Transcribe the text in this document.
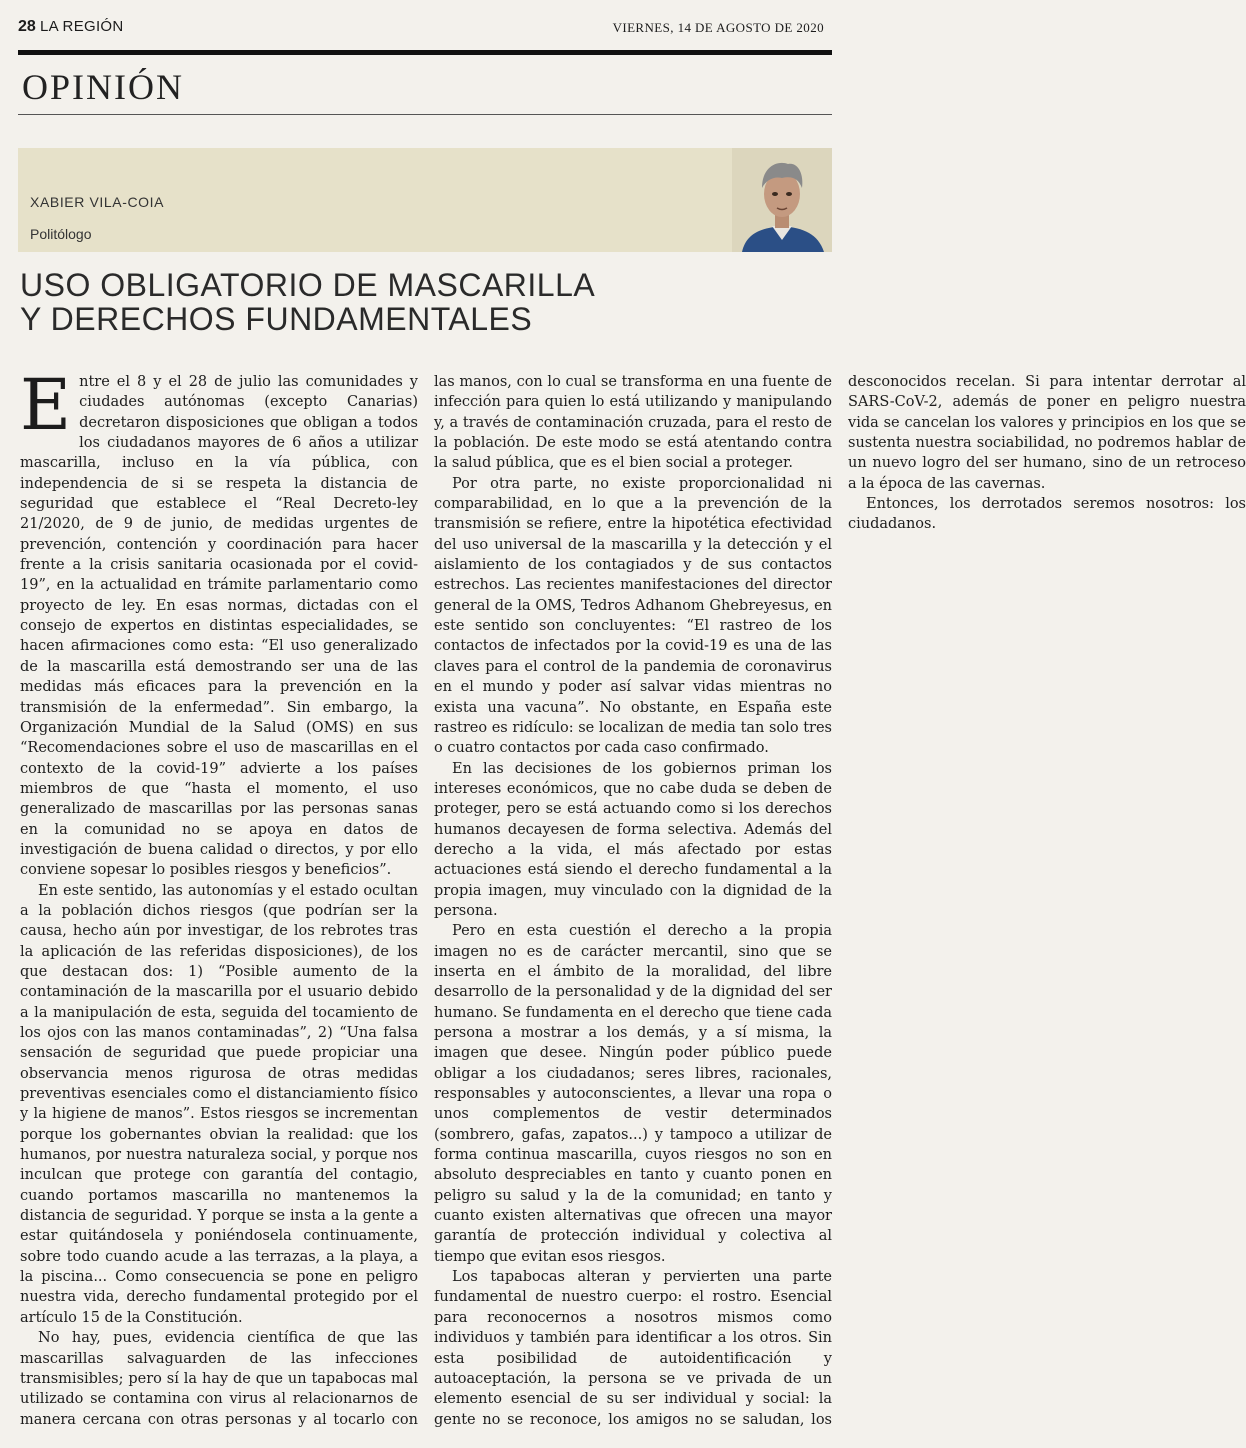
28 LA REGIÓN	VIERNES, 14 DE AGOSTO DE 2020
OPINIÓN
XABIER VILA-COIA
Politólogo
USO OBLIGATORIO DE MASCARILLA
Y DERECHOS FUNDAMENTALES

Entre el 8 y el 28 de julio las comunidades y ciudades autónomas (excepto Canarias) decretaron disposiciones que obligan a todos los ciudadanos mayores de 6 años a utilizar mascarilla, incluso en la vía pública, con independencia de si se respeta la distancia de seguridad que establece el “Real Decreto-ley 21/2020, de 9 de junio, de medidas urgentes de prevención, contención y coordinación para hacer frente a la crisis sanitaria ocasionada por el covid-19”, en la actualidad en trámite parlamentario como proyecto de ley. En esas normas, dictadas con el consejo de expertos en distintas especialidades, se hacen afirmaciones como esta: “El uso generalizado de la mascarilla está demostrando ser una de las medidas más eficaces para la prevención en la transmisión de la enfermedad”. Sin embargo, la Organización Mundial de la Salud (OMS) en sus “Recomendaciones sobre el uso de mascarillas en el contexto de la covid-19” advierte a los países miembros de que “hasta el momento, el uso generalizado de mascarillas por las personas sanas en la comunidad no se apoya en datos de investigación de buena calidad o directos, y por ello conviene sopesar lo posibles riesgos y beneficios”.

En este sentido, las autonomías y el estado ocultan a la población dichos riesgos (que podrían ser la causa, hecho aún por investigar, de los rebrotes tras la aplicación de las referidas disposiciones), de los que destacan dos: 1) “Posible aumento de la contaminación de la mascarilla por el usuario debido a la manipulación de esta, seguida del tocamiento de los ojos con las manos contaminadas”, 2) “Una falsa sensación de seguridad que puede propiciar una observancia menos rigurosa de otras medidas preventivas esenciales como el distanciamiento físico y la higiene de manos”. Estos riesgos se incrementan porque los gobernantes obvian la realidad: que los humanos, por nuestra naturaleza social, y porque nos inculcan que protege con garantía del contagio, cuando portamos mascarilla no mantenemos la distancia de seguridad. Y porque se insta a la gente a estar quitándosela y poniéndosela continuamente, sobre todo cuando acude a las terrazas, a la playa, a la piscina... Como consecuencia se pone en peligro nuestra vida, derecho fundamental protegido por el artículo 15 de la Constitución.

No hay, pues, evidencia científica de que las mascarillas salvaguarden de las infecciones transmisibles; pero sí la hay de que un tapabocas mal utilizado se contamina con virus al relacionarnos de manera cercana con otras personas y al tocarlo con las manos, con lo cual se transforma en una fuente de infección para quien lo está utilizando y manipulando y, a través de contaminación cruzada, para el resto de la población. De este modo se está atentando contra la salud pública, que es el bien social a proteger.

Por otra parte, no existe proporcionalidad ni comparabilidad, en lo que a la prevención de la transmisión se refiere, entre la hipotética efectividad del uso universal de la mascarilla y la detección y el aislamiento de los contagiados y de sus contactos estrechos. Las recientes manifestaciones del director general de la OMS, Tedros Adhanom Ghebreyesus, en este sentido son concluyentes: “El rastreo de los contactos de infectados por la covid-19 es una de las claves para el control de la pandemia de coronavirus en el mundo y poder así salvar vidas mientras no exista una vacuna”. No obstante, en España este rastreo es ridículo: se localizan de media tan solo tres o cuatro contactos por cada caso confirmado.

En las decisiones de los gobiernos priman los intereses económicos, que no cabe duda se deben de proteger, pero se está actuando como si los derechos humanos decayesen de forma selectiva. Además del derecho a la vida, el más afectado por estas actuaciones está siendo el derecho fundamental a la propia imagen, muy vinculado con la dignidad de la persona.

Pero en esta cuestión el derecho a la propia imagen no es de carácter mercantil, sino que se inserta en el ámbito de la moralidad, del libre desarrollo de la personalidad y de la dignidad del ser humano. Se fundamenta en el derecho que tiene cada persona a mostrar a los demás, y a sí misma, la imagen que desee. Ningún poder público puede obligar a los ciudadanos; seres libres, racionales, responsables y autoconscientes, a llevar una ropa o unos complementos de vestir determinados (sombrero, gafas, zapatos...) y tampoco a utilizar de forma continua mascarilla, cuyos riesgos no son en absoluto despreciables en tanto y cuanto ponen en peligro su salud y la de la comunidad; en tanto y cuanto existen alternativas que ofrecen una mayor garantía de protección individual y colectiva al tiempo que evitan esos riesgos.

Los tapabocas alteran y pervierten una parte fundamental de nuestro cuerpo: el rostro. Esencial para reconocernos a nosotros mismos como individuos y también para identificar a los otros. Sin esta posibilidad de autoidentificación y autoaceptación, la persona se ve privada de un elemento esencial de su ser individual y social: la gente no se reconoce, los amigos no se saludan, los desconocidos recelan. Si para intentar derrotar al SARS-CoV-2, además de poner en peligro nuestra vida se cancelan los valores y principios en los que se sustenta nuestra sociabilidad, no podremos hablar de un nuevo logro del ser humano, sino de un retroceso a la época de las cavernas.

Entonces, los derrotados seremos nosotros: los ciudadanos.
